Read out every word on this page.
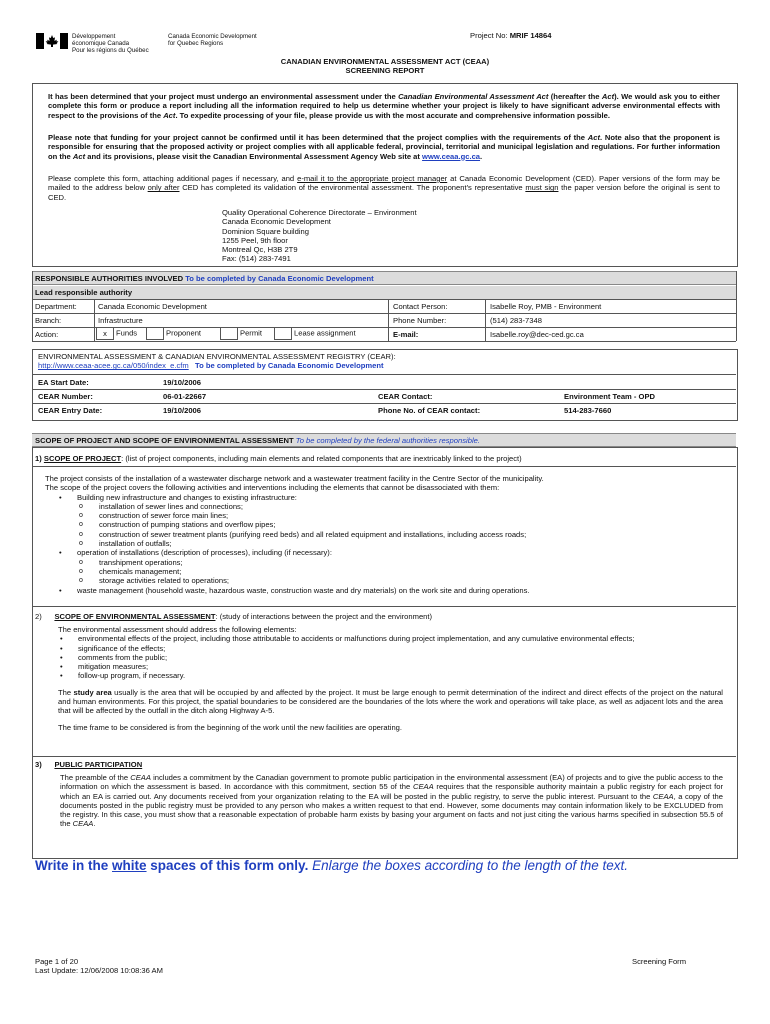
Développement
économique Canada
Pour les régions du Québec
Canada Economic Development
for Quebec Regions
Project No: MRIF 14864
CANADIAN ENVIRONMENTAL ASSESSMENT ACT (CEAA)
SCREENING REPORT
It has been determined that your project must undergo an environmental assessment under the Canadian Environmental Assessment Act (hereafter the Act). We would ask you to either complete this form or produce a report including all the information required to help us determine whether your project is likely to have significant adverse environmental effects with respect to the provisions of the Act. To expedite processing of your file, please provide us with the most accurate and comprehensive information possible.
Please note that funding for your project cannot be confirmed until it has been determined that the project complies with the requirements of the Act. Note also that the proponent is responsible for ensuring that the proposed activity or project complies with all applicable federal, provincial, territorial and municipal legislation and regulations. For further information on the Act and its provisions, please visit the Canadian Environmental Assessment Agency Web site at www.ceaa.gc.ca.
Please complete this form, attaching additional pages if necessary, and e-mail it to the appropriate project manager at Canada Economic Development (CED). Paper versions of the form may be mailed to the address below only after CED has completed its validation of the environmental assessment. The proponent's representative must sign the paper version before the original is sent to CED.
Quality Operational Coherence Directorate – Environment
Canada Economic Development
Dominion Square building
1255 Peel, 9th floor
Montreal Qc, H3B 2T9
Fax: (514) 283-7491
RESPONSIBLE AUTHORITIES INVOLVED To be completed by Canada Economic Development
Lead responsible authority
Department:	Canada Economic Development
Branch:	Infrastructure
Action:	x Funds	Proponent	Permit	Lease assignment
Contact Person:	Isabelle Roy, PMB - Environment
Phone Number:	(514) 283-7348
E-mail:	Isabelle.roy@dec-ced.gc.ca
ENVIRONMENTAL ASSESSMENT & CANADIAN ENVIRONMENTAL ASSESSMENT REGISTRY (CEAR):
http://www.ceaa-acee.gc.ca/050/index_e.cfm To be completed by Canada Economic Development
EA Start Date:	19/10/2006
CEAR Number:	06-01-22667
CEAR Entry Date:	19/10/2006
CEAR Contact:	Environment Team - OPD
Phone No. of CEAR contact:	514-283-7660
SCOPE OF PROJECT AND SCOPE OF ENVIRONMENTAL ASSESSMENT To be completed by the federal authorities responsible.
1) SCOPE OF PROJECT: (list of project components, including main elements and related components that are inextricably linked to the project)
The project consists of the installation of a wastewater discharge network and a wastewater treatment facility in the Centre Sector of the municipality.
The scope of the project covers the following activities and interventions including the elements that cannot be disassociated with them:
• Building new infrastructure and changes to existing infrastructure:
o installation of sewer lines and connections;
o construction of sewer force main lines;
o construction of pumping stations and overflow pipes;
o construction of sewer treatment plants (purifying reed beds) and all related equipment and installations, including access roads;
o installation of outfalls;
• operation of installations (description of processes), including (if necessary):
o transhipment operations;
o chemicals management;
o storage activities related to operations;
• waste management (household waste, hazardous waste, construction waste and dry materials) on the work site and during operations.
2) SCOPE OF ENVIRONMENTAL ASSESSMENT: (study of interactions between the project and the environment)
The environmental assessment should address the following elements:
• environmental effects of the project, including those attributable to accidents or malfunctions during project implementation, and any cumulative environmental effects;
• significance of the effects;
• comments from the public;
• mitigation measures;
• follow-up program, if necessary.
The study area usually is the area that will be occupied by and affected by the project. It must be large enough to permit determination of the indirect and direct effects of the project on the natural and human environments. For this project, the spatial boundaries to be considered are the boundaries of the lots where the work and operations will take place, as well as adjacent lots and the area that will be affected by the outfall in the ditch along Highway A-5.
The time frame to be considered is from the beginning of the work until the new facilities are operating.
3) PUBLIC PARTICIPATION
The preamble of the CEAA includes a commitment by the Canadian government to promote public participation in the environmental assessment (EA) of projects and to give the public access to the information on which the assessment is based. In accordance with this commitment, section 55 of the CEAA requires that the responsible authority maintain a public registry for each project for which an EA is carried out. Any documents received from your organization relating to the EA will be posted in the public registry, to serve the public interest. Pursuant to the CEAA, a copy of the documents posted in the public registry must be provided to any person who makes a written request to that end. However, some documents may contain information likely to be EXCLUDED from the registry. In this case, you must show that a reasonable expectation of probable harm exists by basing your argument on facts and not just citing the various harms specified in subsection 55.5 of the CEAA.
Write in the white spaces of this form only. Enlarge the boxes according to the length of the text.
Page 1 of 20
Last Update: 12/06/2008 10:08:36 AM
Screening Form
